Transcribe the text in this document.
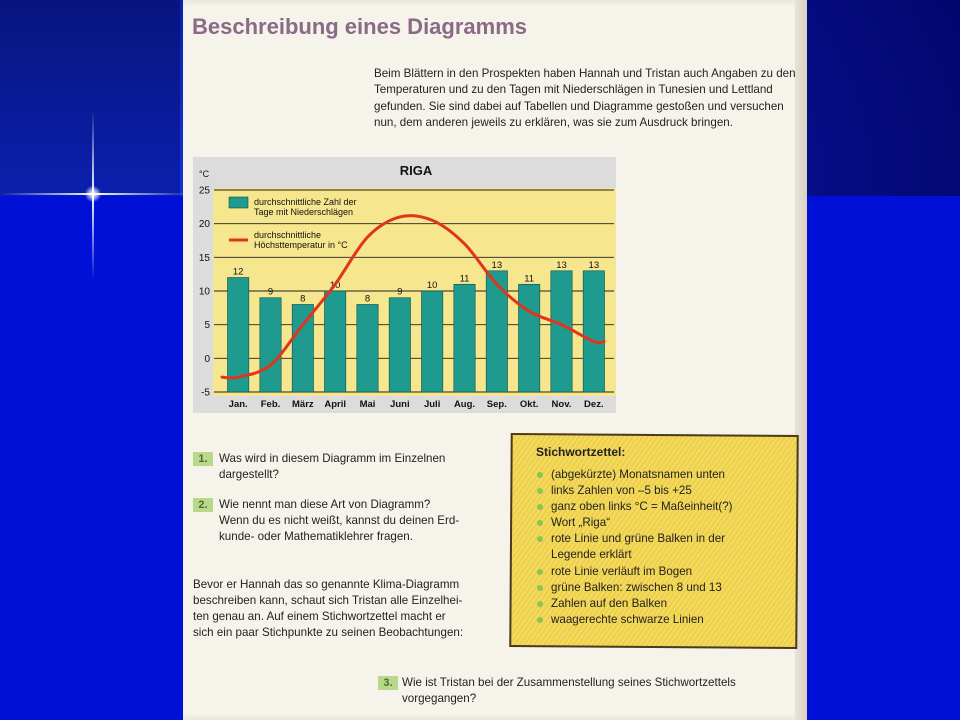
Beschreibung eines Diagramms
Beim Blättern in den Prospekten haben Hannah und Tristan auch Angaben zu den Temperaturen und zu den Tagen mit Niederschlägen in Tunesien und Lettland gefunden. Sie sind dabei auf Tabellen und Diagramme gestoßen und versuchen nun, dem anderen jeweils zu erklären, was sie zum Ausdruck bringen.
RIGA
°C
25
20
15
10
5
0
-5
12
9
8
10
8
9
10
11
13
11
13 13
Jan. Feb. März April Mai Juni Juli Aug. Sep. Okt. Nov. Dez.
durchschnittliche Zahl der
Tage mit Niederschlägen
durchschnittliche
Höchsttemperatur in °C
1. Was wird in diesem Diagramm im Einzelnen
dargestellt?
2. Wie nennt man diese Art von Diagramm?
Wenn du es nicht weißt, kannst du deinen Erd-
kunde- oder Mathematiklehrer fragen.
Bevor er Hannah das so genannte Klima-Diagramm
beschreiben kann, schaut sich Tristan alle Einzelhei-
ten genau an. Auf einem Stichwortzettel macht er
sich ein paar Stichpunkte zu seinen Beobachtungen:
Stichwortzettel:
(abgekürzte) Monatsnamen unten
links Zahlen von –5 bis +25
ganz oben links °C = Maßeinheit(?)
Wort „Riga“
rote Linie und grüne Balken in der
Legende erklärt
rote Linie verläuft im Bogen
grüne Balken: zwischen 8 und 13
Zahlen auf den Balken
waagerechte schwarze Linien
3. Wie ist Tristan bei der Zusammenstellung seines Stichwortzettels
vorgegangen?
